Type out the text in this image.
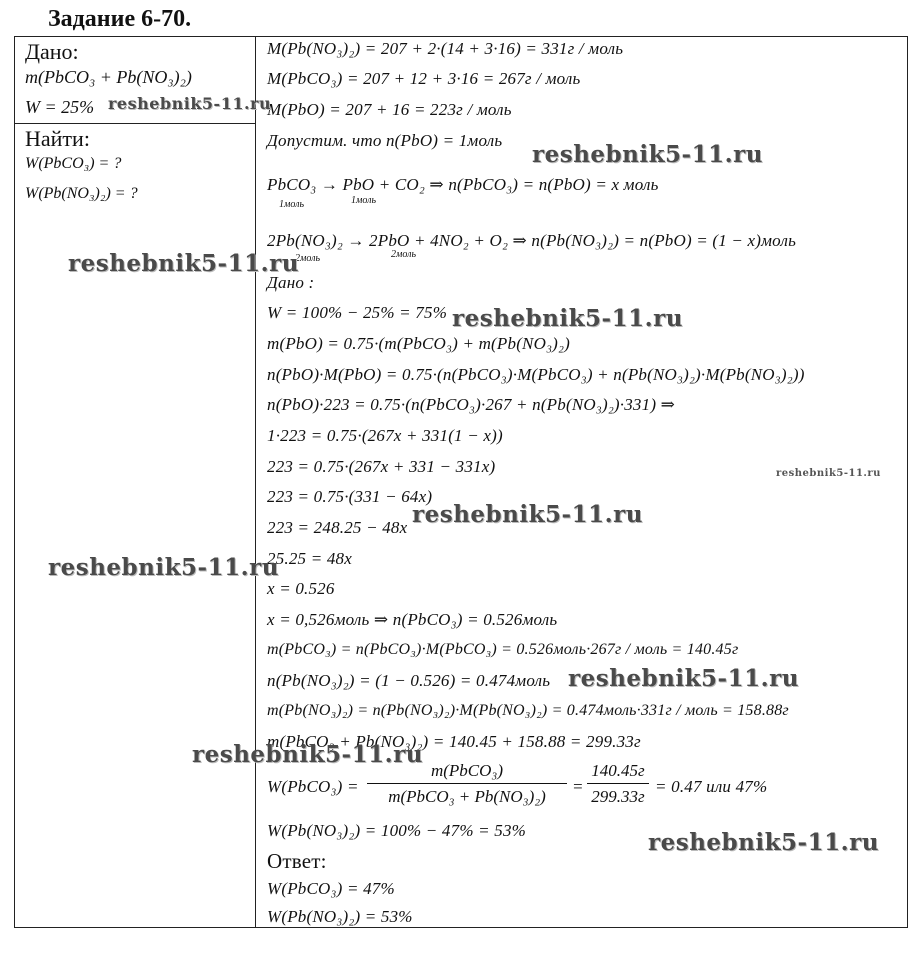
Задание 6-70.
Дано:
m(PbCO₃ + Pb(NO₃)₂)
W = 25%
Найти:
W(PbCO₃) = ?
W(Pb(NO₃)₂) = ?
M(Pb(NO₃)₂) = 207 + 2·(14 + 3·16) = 331г / моль
M(PbCO₃) = 207 + 12 + 3·16 = 267г / моль
M(PbO) = 207 + 16 = 223г / моль
Допустим. что n(PbO) = 1моль
PbCO₃ → PbO + CO₂ ⇒ n(PbCO₃) = n(PbO) = x моль
1моль	1моль
2Pb(NO₃)₂ → 2PbO + 4NO₂ + O₂ ⇒ n(Pb(NO₃)₂) = n(PbO) = (1 − x)моль
2моль	2моль
Дано :
W = 100% − 25% = 75%
m(PbO) = 0.75·(m(PbCO₃) + m(Pb(NO₃)₂)
n(PbO)·M(PbO) = 0.75·(n(PbCO₃)·M(PbCO₃) + n(Pb(NO₃)₂)·M(Pb(NO₃)₂))
n(PbO)·223 = 0.75·(n(PbCO₃)·267 + n(Pb(NO₃)₂)·331) ⇒
1·223 = 0.75·(267x + 331(1 − x))
223 = 0.75·(267x + 331 − 331x)
223 = 0.75·(331 − 64x)
223 = 248.25 − 48x
25.25 = 48x
x = 0.526
x = 0,526моль ⇒ n(PbCO₃) = 0.526моль
m(PbCO₃) = n(PbCO₃)·M(PbCO₃) = 0.526моль·267г / моль = 140.45г
n(Pb(NO₃)₂) = (1 − 0.526) = 0.474моль
m(Pb(NO₃)₂) = n(Pb(NO₃)₂)·M(Pb(NO₃)₂) = 0.474моль·331г / моль = 158.88г
m(PbCO₃ + Pb(NO₃)₂) = 140.45 + 158.88 = 299.33г
W(PbCO₃) =
m(PbCO₃)
m(PbCO₃ + Pb(NO₃)₂)
=
140.45г
299.33г
= 0.47 или 47%
W(Pb(NO₃)₂) = 100% − 47% = 53%
Ответ:
W(PbCO₃) = 47%
W(Pb(NO₃)₂) = 53%
reshebnik5-11.ru
reshebnik5-11.ru
reshebnik5-11.ru
reshebnik5-11.ru
reshebnik5-11.ru
reshebnik5-11.ru
reshebnik5-11.ru
reshebnik5-11.ru
reshebnik5-11.ru
reshebnik5-11.ru
